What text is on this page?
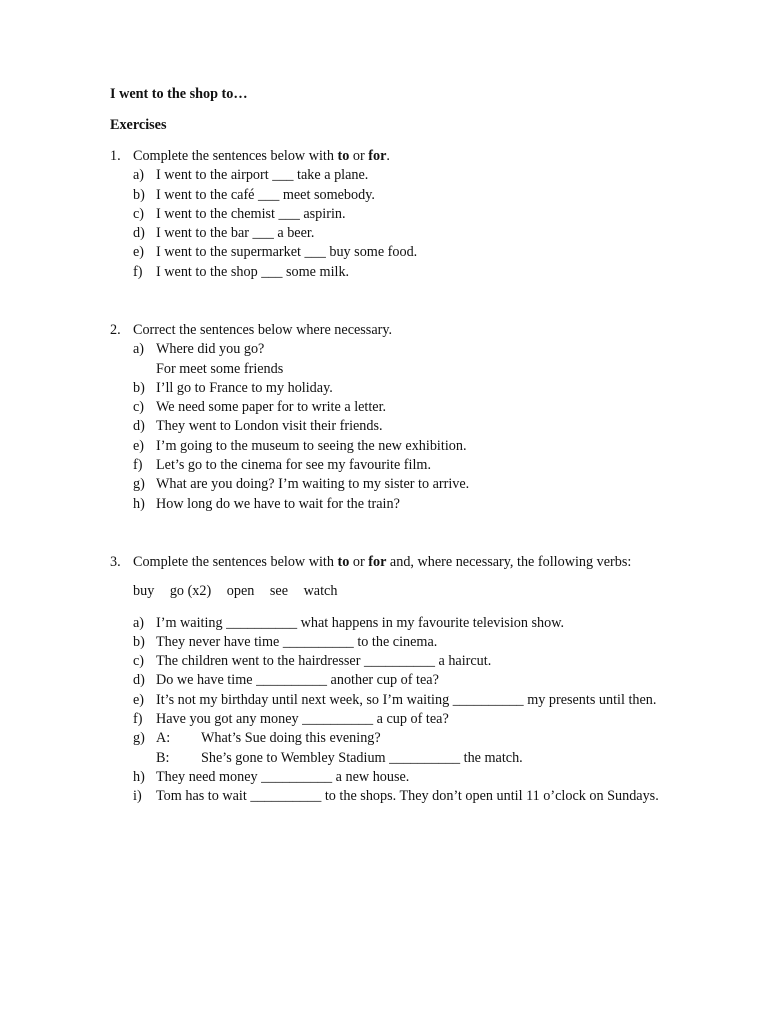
I went to the shop to…
Exercises
1. Complete the sentences below with to or for.
a) I went to the airport ___ take a plane.
b) I went to the café ___ meet somebody.
c) I went to the chemist ___ aspirin.
d) I went to the bar ___ a beer.
e) I went to the supermarket ___ buy some food.
f) I went to the shop ___ some milk.
2. Correct the sentences below where necessary.
a) Where did you go?
For meet some friends
b) I’ll go to France to my holiday.
c) We need some paper for to write a letter.
d) They went to London visit their friends.
e) I’m going to the museum to seeing the new exhibition.
f) Let’s go to the cinema for see my favourite film.
g) What are you doing? I’m waiting to my sister to arrive.
h) How long do we have to wait for the train?
3. Complete the sentences below with to or for and, where necessary, the following verbs:
buy go (x2) open see watch
a) I’m waiting __________ what happens in my favourite television show.
b) They never have time __________ to the cinema.
c) The children went to the hairdresser __________ a haircut.
d) Do we have time __________ another cup of tea?
e) It’s not my birthday until next week, so I’m waiting __________ my presents until then.
f) Have you got any money __________ a cup of tea?
g) A: What’s Sue doing this evening?
B: She’s gone to Wembley Stadium __________ the match.
h) They need money __________ a new house.
i) Tom has to wait __________ to the shops. They don’t open until 11 o’clock on Sundays.
